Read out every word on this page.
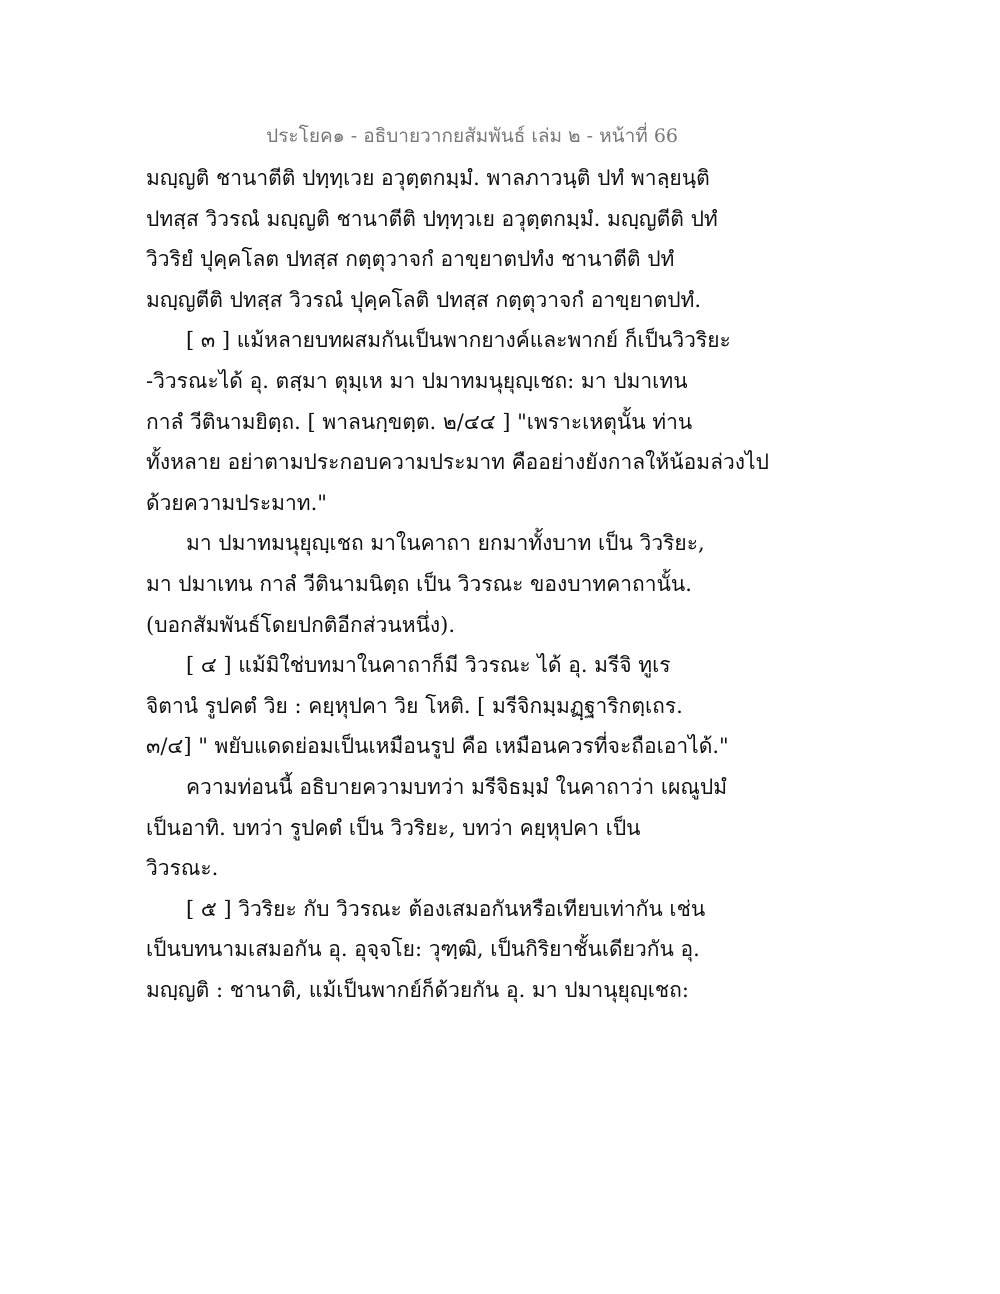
ประโยค๑ - อธิบายวากยสัมพันธ์ เล่ม ๒ - หน้าที่ 66
มญฺญติ ชานาตีติ ปทฺทฺเวย อวุตฺตกมฺมํ. พาลภาวนฺติ ปทํ พาลฺยนฺติ
ปทสฺส วิวรณํ มญฺญติ ชานาตีติ ปทฺทฺวเย อวุตฺตกมฺมํ. มญฺญตีติ ปทํ
วิวริยํ ปุคฺคโลต ปทสฺส กตฺตุวาจกํ อาขฺยาตปทํง ชานาตีติ ปทํ
มญฺญตีติ ปทสฺส วิวรณํ ปุคฺคโลติ ปทสฺส กตฺตุวาจกํ อาขฺยาตปทํ.
[ ๓ ] แม้หลายบทผสมกันเป็นพากยางค์และพากย์ ก็เป็นวิวริยะ
-วิวรณะได้ อุ. ตสฺมา ตุมฺเห มา ปมาทมนุยุญฺเชถ: มา ปมาเทน
กาลํ วีตินามยิตฺถ. [ พาลนกฺขตฺต. ๒/๔๔ ] "เพราะเหตุนั้น ท่าน
ทั้งหลาย อย่าตามประกอบความประมาท คืออย่างยังกาลให้น้อมล่วงไป
ด้วยความประมาท."
มา ปมาทมนุยุญฺเชถ มาในคาถา ยกมาทั้งบาท เป็น วิวริยะ,
มา ปมาเทน กาลํ วีตินามนิตฺถ เป็น วิวรณะ ของบาทคาถานั้น.
(บอกสัมพันธ์โดยปกติอีกส่วนหนึ่ง).
[ ๔ ] แม้มิใช่บทมาในคาถาก็มี วิวรณะ ได้ อุ. มรีจิ ทูเร
จิตานํ รูปคตํ วิย : คยฺหุปคา วิย โหติ. [ มรีจิกมฺมฏฺฐาริกตฺเถร.
๓/๔] " พยับแดดย่อมเป็นเหมือนรูป คือ เหมือนควรที่จะถือเอาได้."
ความท่อนนี้ อธิบายความบทว่า มรีจิธมฺมํ ในคาถาว่า เผณูปมํ
เป็นอาทิ. บทว่า รูปคตํ เป็น วิวริยะ, บทว่า คยฺหุปคา เป็น
วิวรณะ.
[ ๕ ] วิวริยะ กับ วิวรณะ ต้องเสมอกันหรือเทียบเท่ากัน เช่น
เป็นบทนามเสมอกัน อุ. อุจฺจโย: วุฑฺฒิ, เป็นกิริยาชั้นเดียวกัน อุ.
มญฺญติ : ชานาติ, แม้เป็นพากย์ก็ด้วยกัน อุ. มา ปมานุยุญฺเชถ:
